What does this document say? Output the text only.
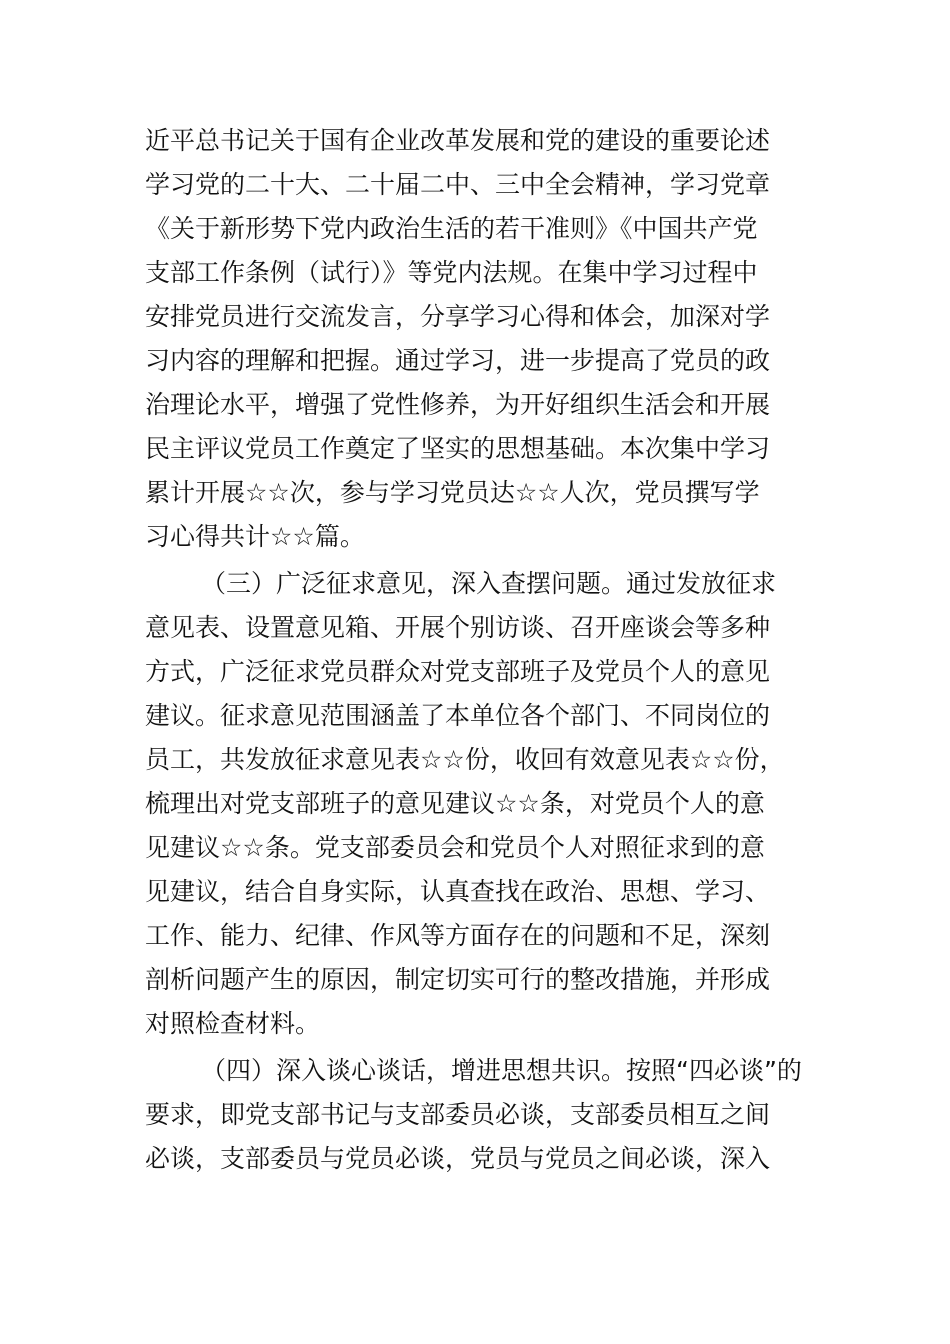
近平总书记关于国有企业改革发展和党的建设的重要论述
学习党的二十大、二十届二中、三中全会精神，学习党章
《关于新形势下党内政治生活的若干准则》《中国共产党
支部工作条例（试行）》等党内法规。在集中学习过程中
安排党员进行交流发言，分享学习心得和体会，加深对学
习内容的理解和把握。通过学习，进一步提高了党员的政
治理论水平，增强了党性修养，为开好组织生活会和开展
民主评议党员工作奠定了坚实的思想基础。本次集中学习
累计开展☆☆次，参与学习党员达☆☆人次，党员撰写学
习心得共计☆☆篇。
（三）广泛征求意见，深入查摆问题。通过发放征求
意见表、设置意见箱、开展个别访谈、召开座谈会等多种
方式，广泛征求党员群众对党支部班子及党员个人的意见
建议。征求意见范围涵盖了本单位各个部门、不同岗位的
员工，共发放征求意见表☆☆份，收回有效意见表☆☆份，
梳理出对党支部班子的意见建议☆☆条，对党员个人的意
见建议☆☆条。党支部委员会和党员个人对照征求到的意
见建议，结合自身实际，认真查找在政治、思想、学习、
工作、能力、纪律、作风等方面存在的问题和不足，深刻
剖析问题产生的原因，制定切实可行的整改措施，并形成
对照检查材料。
（四）深入谈心谈话，增进思想共识。按照“四必谈”的
要求，即党支部书记与支部委员必谈，支部委员相互之间
必谈，支部委员与党员必谈，党员与党员之间必谈，深入
